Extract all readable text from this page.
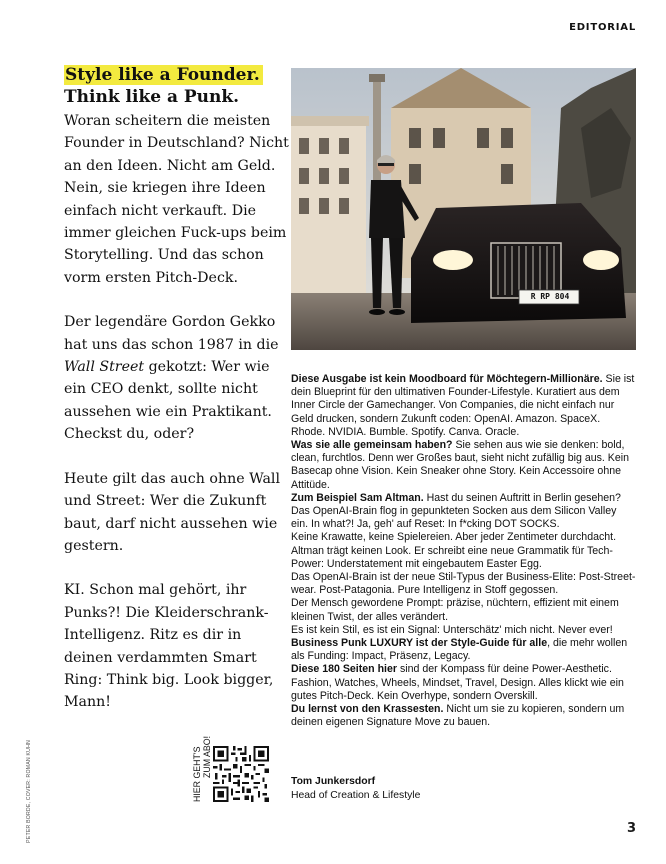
EDITORIAL
Style like a Founder.
Think like a Punk.

Woran scheitern die meisten Founder in Deutschland? Nicht an den Ideen. Nicht am Geld. Nein, sie kriegen ihre Ideen einfach nicht verkauft. Die immer gleichen Fuck-ups beim Storytelling. Und das schon vorm ersten Pitch-Deck.

Der legendäre Gordon Gekko hat uns das schon 1987 in die Wall Street gekotzt: Wer wie ein CEO denkt, sollte nicht aussehen wie ein Praktikant. Checkst du, oder?

Heute gilt das auch ohne Wall und Street: Wer die Zukunft baut, darf nicht aussehen wie gestern.

KI. Schon mal gehört, ihr Punks?! Die Kleiderschrank-Intelligenz. Ritz es dir in deinen verdammten Smart Ring: Think big. Look bigger, Mann!

R RP 804

Diese Ausgabe ist kein Moodboard für Möchtegern-Millionäre. Sie ist dein Blueprint für den ultimativen Founder-Lifestyle. Kuratiert aus dem Inner Circle der Gamechanger. Von Companies, die nicht einfach nur Geld drucken, sondern Zukunft coden: OpenAI. Amazon. SpaceX. Rhode. NVIDIA. Bumble. Spotify. Canva. Oracle.

Was sie alle gemeinsam haben? Sie sehen aus wie sie denken: bold, clean, furchtlos. Denn wer Großes baut, sieht nicht zufällig big aus. Kein Basecap ohne Vision. Kein Sneaker ohne Story. Kein Accessoire ohne Attitüde.

Zum Beispiel Sam Altman. Hast du seinen Auftritt in Berlin gesehen? Das OpenAI-Brain flog in gepunkteten Socken aus dem Silicon Valley ein. In what?! Ja, geh' auf Reset: In f*cking DOT SOCKS.

Keine Krawatte, keine Spielereien. Aber jeder Zentimeter durchdacht. Altman trägt keinen Look. Er schreibt eine neue Grammatik für Tech-Power: Understatement mit eingebautem Easter Egg.

Das OpenAI-Brain ist der neue Stil-Typus der Business-Elite: Post-Street-wear. Post-Patagonia. Pure Intelligenz in Stoff gegossen.

Der Mensch gewordene Prompt: präzise, nüchtern, effizient mit einem kleinen Twist, der alles verändert.

Es ist kein Stil, es ist ein Signal: Unterschätz' mich nicht. Never ever!

Business Punk LUXURY ist der Style-Guide für alle, die mehr wollen als Funding: Impact, Präsenz, Legacy.

Diese 180 Seiten hier sind der Kompass für deine Power-Aesthetic. Fashion, Watches, Wheels, Mindset, Travel, Design. Alles klickt wie ein gutes Pitch-Deck. Kein Overhype, sondern Overskill.

Du lernst von den Krassesten. Nicht um sie zu kopieren, sondern um deinen eigenen Signature Move zu bauen.

Tom Junkersdorf
Head of Creation & Lifestyle
PETER BORDE, COVER: ROMAN KUHN	HIER GEHT'S ZUM ABO!
3
